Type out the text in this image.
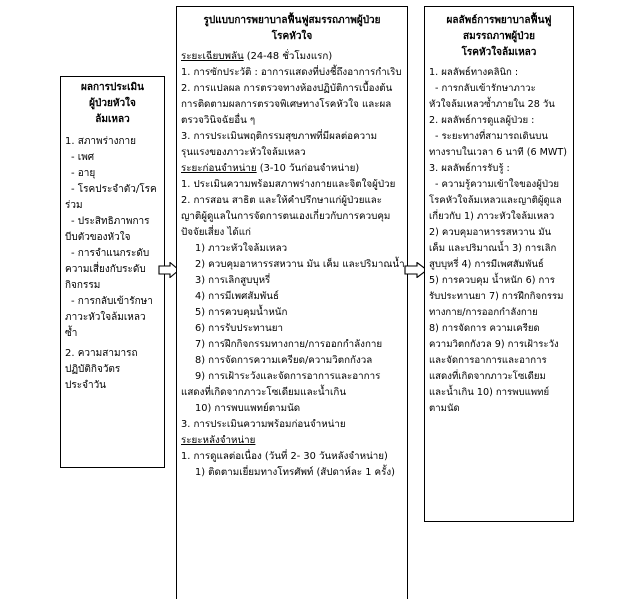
ผลการประเมิน
ผู้ป่วยหัวใจ
ล้มเหลว
1. สภาพร่างกาย
- เพศ
- อายุ
- โรคประจำตัว/โรค
ร่วม
- ประสิทธิภาพการ
บีบตัวของหัวใจ
- การจำแนกระดับ
ความเสี่ยงกับระดับ
กิจกรรม
- การกลับเข้ารักษา
ภาวะหัวใจล้มเหลว
ซ้ำ
2. ความสามารถ
ปฏิบัติกิจวัตร
ประจำวัน
รูปแบบการพยาบาลฟื้นฟูสมรรถภาพผู้ป่วย
โรคหัวใจ
ระยะเฉียบพลัน (24-48 ชั่วโมงแรก)
1. การซักประวัติ : อาการแสดงที่บ่งชี้ถึงอาการกำเริบ
2. การแปลผล การตรวจทางห้องปฏิบัติการเบื้องต้น
การติดตามผลการตรวจพิเศษทางโรคหัวใจ และผล
ตรวจวินิจฉัยอื่น ๆ
3. การประเมินพฤติกรรมสุขภาพที่มีผลต่อความ
รุนแรงของภาวะหัวใจล้มเหลว
ระยะก่อนจำหน่าย (3-10 วันก่อนจำหน่าย)
1. ประเมินความพร้อมสภาพร่างกายและจิตใจผู้ป่วย
2. การสอน สาธิต และให้คำปรึกษาแก่ผู้ป่วยและ
ญาติผู้ดูแลในการจัดการตนเองเกี่ยวกับการควบคุม
ปัจจัยเสี่ยง ได้แก่
1) ภาวะหัวใจล้มเหลว
2) ควบคุมอาหารรสหวาน มัน เค็ม และปริมาณน้ำ
3) การเลิกสูบบุหรี่
4) การมีเพศสัมพันธ์
5) การควบคุมน้ำหนัก
6) การรับประทานยา
7) การฝึกกิจกรรมทางกาย/การออกกำลังกาย
8) การจัดการความเครียด/ความวิตกกังวล
9) การเฝ้าระวังและจัดการอาการและอาการ
แสดงที่เกิดจากภาวะโซเดียมและน้ำเกิน
10) การพบแพทย์ตามนัด
3. การประเมินความพร้อมก่อนจำหน่าย
ระยะหลังจำหน่าย
1. การดูแลต่อเนื่อง (วันที่ 2- 30 วันหลังจำหน่าย)
1) ติดตามเยี่ยมทางโทรศัพท์ (สัปดาห์ละ 1 ครั้ง)
ผลลัพธ์การพยาบาลฟื้นฟู
สมรรถภาพผู้ป่วย
โรคหัวใจล้มเหลว
1. ผลลัพธ์ทางคลินิก :
- การกลับเข้ารักษาภาวะ
หัวใจล้มเหลวซ้ำภายใน 28 วัน
2. ผลลัพธ์การดูแลผู้ป่วย :
- ระยะทางที่สามารถเดินบน
ทางราบในเวลา 6 นาที (6 MWT)
3. ผลลัพธ์การรับรู้ :
- ความรู้ความเข้าใจของผู้ป่วย
โรคหัวใจล้มเหลวและญาติผู้ดูแล
เกี่ยวกับ 1) ภาวะหัวใจล้มเหลว
2) ควบคุมอาหารรสหวาน มัน
เค็ม และปริมาณน้ำ 3) การเลิก
สูบบุหรี่ 4) การมีเพศสัมพันธ์
5) การควบคุม น้ำหนัก 6) การ
รับประทานยา 7) การฝึกกิจกรรม
ทางกาย/การออกกำลังกาย
8) การจัดการ ความเครียด
ความวิตกกังวล 9) การเฝ้าระวัง
และจัดการอาการและอาการ
แสดงที่เกิดจากภาวะโซเดียม
และน้ำเกิน 10) การพบแพทย์
ตามนัด
